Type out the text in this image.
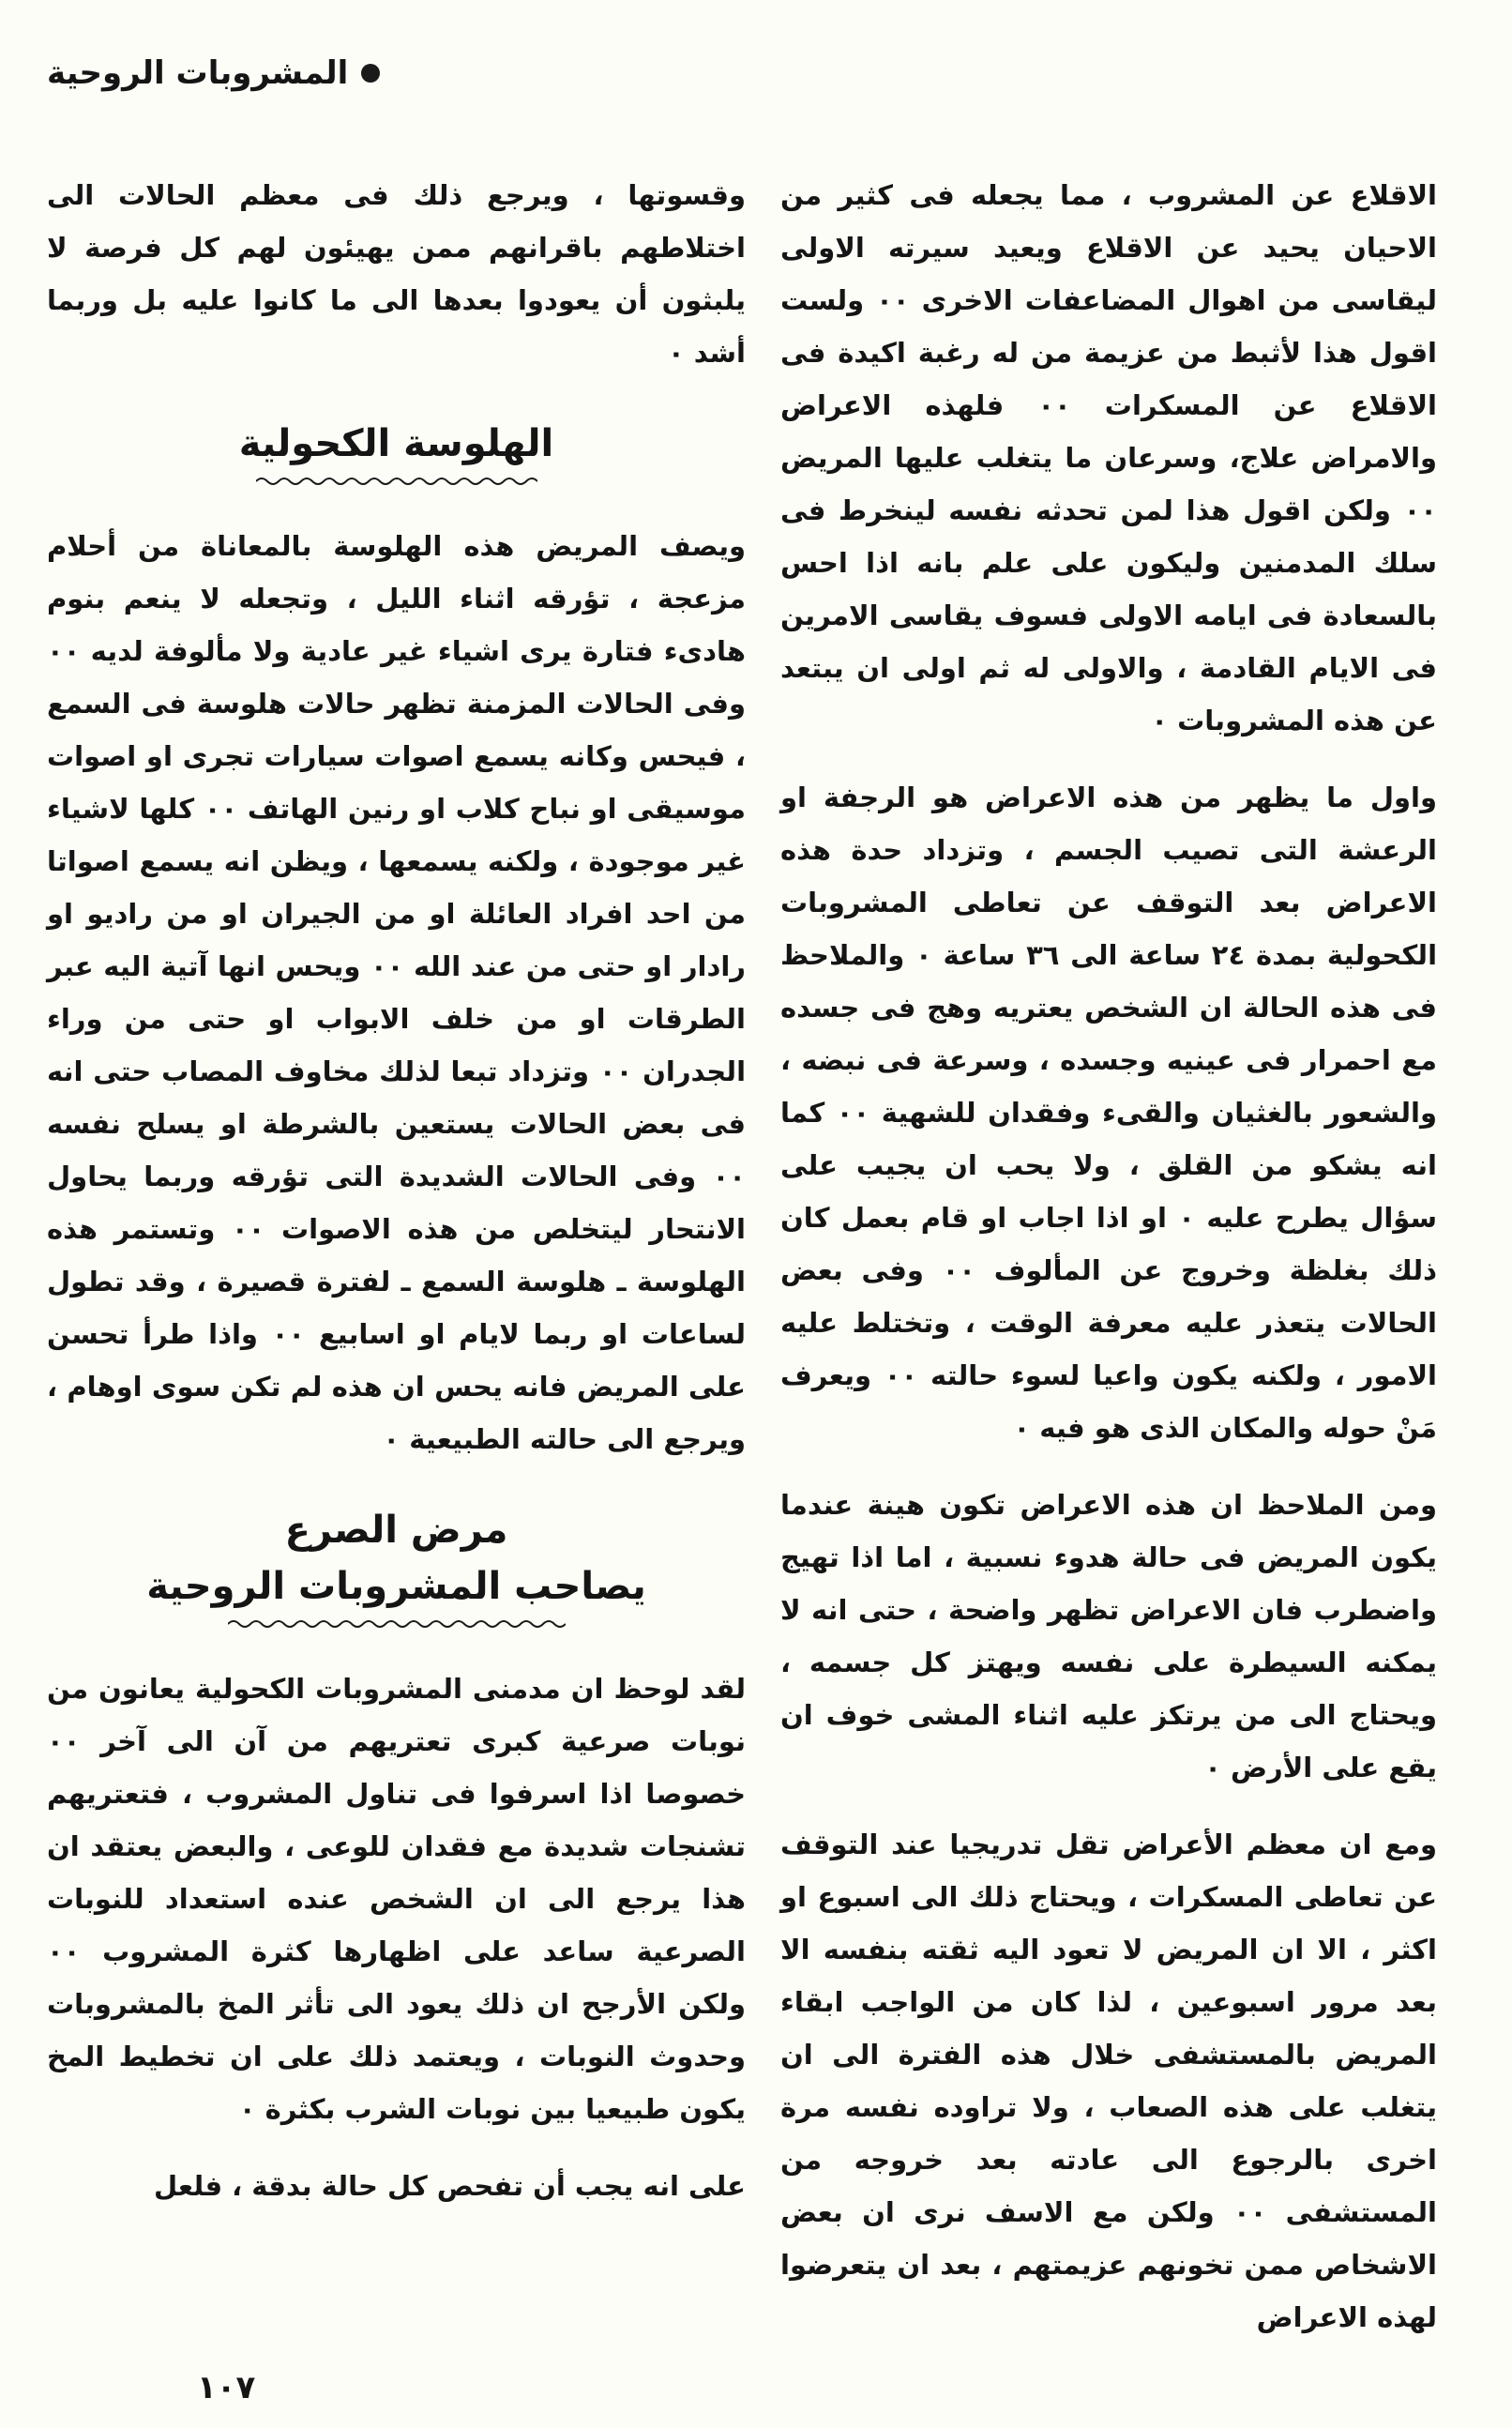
المشروبات الروحية

الاقلاع عن المشروب ، مما يجعله فى كثير من الاحيان يحيد عن الاقلاع ويعيد سيرته الاولى ليقاسى من اهوال المضاعفات الاخرى ٠٠ ولست اقول هذا لأثبط من عزيمة من له رغبة اكيدة فى الاقلاع عن المسكرات ٠٠ فلهذه الاعراض والامراض علاج، وسرعان ما يتغلب عليها المريض ٠٠ ولكن اقول هذا لمن تحدثه نفسه لينخرط فى سلك المدمنين وليكون على علم بانه اذا احس بالسعادة فى ايامه الاولى فسوف يقاسى الامرين فى الايام القادمة ، والاولى له ثم اولى ان يبتعد عن هذه المشروبات ٠

واول ما يظهر من هذه الاعراض هو الرجفة او الرعشة التى تصيب الجسم ، وتزداد حدة هذه الاعراض بعد التوقف عن تعاطى المشروبات الكحولية بمدة ٢٤ ساعة الى ٣٦ ساعة ٠ والملاحظ فى هذه الحالة ان الشخص يعتريه وهج فى جسده مع احمرار فى عينيه وجسده ، وسرعة فى نبضه ، والشعور بالغثيان والقىء وفقدان للشهية ٠٠ كما انه يشكو من القلق ، ولا يحب ان يجيب على سؤال يطرح عليه ٠ او اذا اجاب او قام بعمل كان ذلك بغلظة وخروج عن المألوف ٠٠ وفى بعض الحالات يتعذر عليه معرفة الوقت ، وتختلط عليه الامور ، ولكنه يكون واعيا لسوء حالته ٠٠ ويعرف مَنْ حوله والمكان الذى هو فيه ٠

ومن الملاحظ ان هذه الاعراض تكون هينة عندما يكون المريض فى حالة هدوء نسبية ، اما اذا تهيج واضطرب فان الاعراض تظهر واضحة ، حتى انه لا يمكنه السيطرة على نفسه ويهتز كل جسمه ، ويحتاج الى من يرتكز عليه اثناء المشى خوف ان يقع على الأرض ٠

ومع ان معظم الأعراض تقل تدريجيا عند التوقف عن تعاطى المسكرات ، ويحتاج ذلك الى اسبوع او اكثر ، الا ان المريض لا تعود اليه ثقته بنفسه الا بعد مرور اسبوعين ، لذا كان من الواجب ابقاء المريض بالمستشفى خلال هذه الفترة الى ان يتغلب على هذه الصعاب ، ولا تراوده نفسه مرة اخرى بالرجوع الى عادته بعد خروجه من المستشفى ٠٠ ولكن مع الاسف نرى ان بعض الاشخاص ممن تخونهم عزيمتهم ، بعد ان يتعرضوا لهذه الاعراض

وقسوتها ، ويرجع ذلك فى معظم الحالات الى اختلاطهم باقرانهم ممن يهيئون لهم كل فرصة لا يلبثون أن يعودوا بعدها الى ما كانوا عليه بل وربما أشد ٠

الهلوسة الكحولية

ويصف المريض هذه الهلوسة بالمعاناة من أحلام مزعجة ، تؤرقه اثناء الليل ، وتجعله لا ينعم بنوم هادىء فتارة يرى اشياء غير عادية ولا مألوفة لديه ٠٠ وفى الحالات المزمنة تظهر حالات هلوسة فى السمع ، فيحس وكانه يسمع اصوات سيارات تجرى او اصوات موسيقى او نباح كلاب او رنين الهاتف ٠٠ كلها لاشياء غير موجودة ، ولكنه يسمعها ، ويظن انه يسمع اصواتا من احد افراد العائلة او من الجيران او من راديو او رادار او حتى من عند الله ٠٠ ويحس انها آتية اليه عبر الطرقات او من خلف الابواب او حتى من وراء الجدران ٠٠ وتزداد تبعا لذلك مخاوف المصاب حتى انه فى بعض الحالات يستعين بالشرطة او يسلح نفسه ٠٠ وفى الحالات الشديدة التى تؤرقه وربما يحاول الانتحار ليتخلص من هذه الاصوات ٠٠ وتستمر هذه الهلوسة ـ هلوسة السمع ـ لفترة قصيرة ، وقد تطول لساعات او ربما لايام او اسابيع ٠٠ واذا طرأ تحسن على المريض فانه يحس ان هذه لم تكن سوى اوهام ، ويرجع الى حالته الطبيعية ٠

مرض الصرع
يصاحب المشروبات الروحية

لقد لوحظ ان مدمنى المشروبات الكحولية يعانون من نوبات صرعية كبرى تعتريهم من آن الى آخر ٠٠ خصوصا اذا اسرفوا فى تناول المشروب ، فتعتريهم تشنجات شديدة مع فقدان للوعى ، والبعض يعتقد ان هذا يرجع الى ان الشخص عنده استعداد للنوبات الصرعية ساعد على اظهارها كثرة المشروب ٠٠ ولكن الأرجح ان ذلك يعود الى تأثر المخ بالمشروبات وحدوث النوبات ، ويعتمد ذلك على ان تخطيط المخ يكون طبيعيا بين نوبات الشرب بكثرة ٠

على انه يجب أن تفحص كل حالة بدقة ، فلعل

١٠٧
